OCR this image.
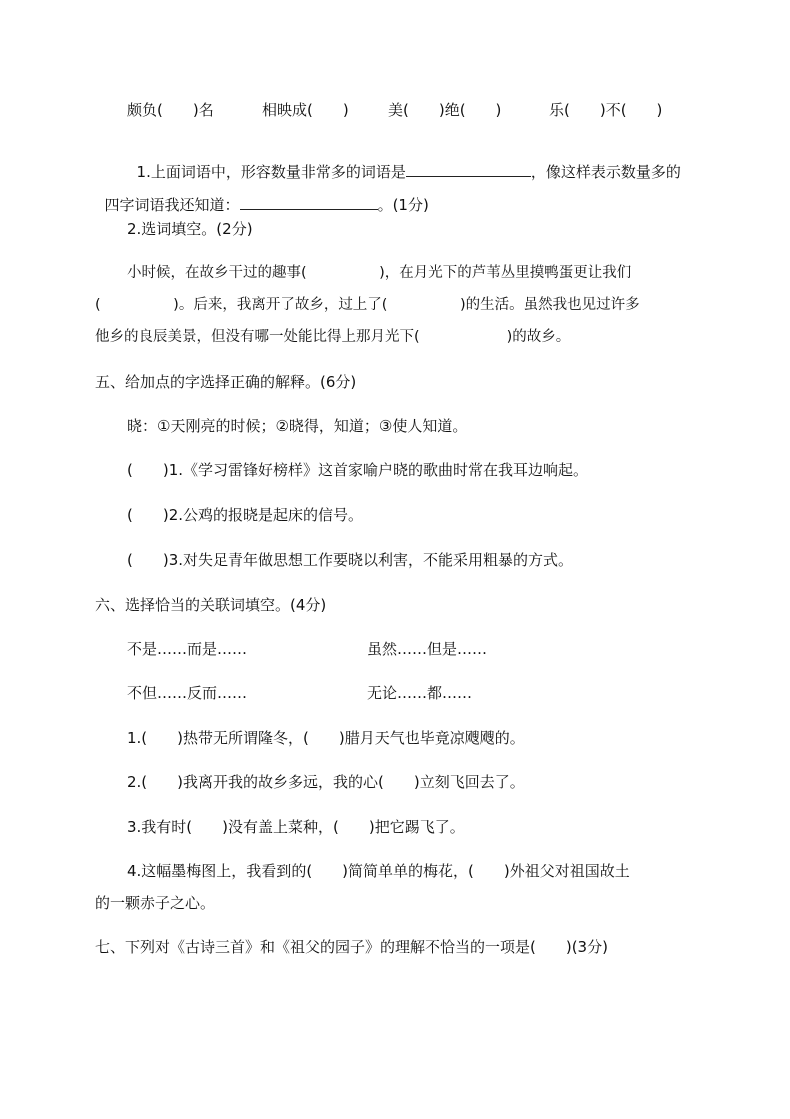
颇负(　　)名	相映成(　　)	美(　　)绝(　　)	乐(　　)不(　　)

1.上面词语中，形容数量非常多的词语是	，像这样表示数量多的

四字词语我还知道：	。(1分)

2.选词填空。(2分)
小时候，在故乡干过的趣事(　　　　　)，在月光下的芦苇丛里摸鸭蛋更让我们
(　　　　　)。后来，我离开了故乡，过上了(　　　　　)的生活。虽然我也见过许多
他乡的良辰美景，但没有哪一处能比得上那月光下(　　　　　　)的故乡。
五、给加点的字选择正确的解释。(6分)
晓：①天刚亮的时候；②晓得，知道；③使人知道。
(　　)1.《学习雷锋好榜样》这首家喻户晓的歌曲时常在我耳边响起。
(　　)2.公鸡的报晓是起床的信号。
(　　)3.对失足青年做思想工作要晓以利害，不能采用粗暴的方式。
六、选择恰当的关联词填空。(4分)
不是……而是……	虽然……但是……
不但……反而……	无论……都……
1.(　　)热带无所谓隆冬，(　　)腊月天气也毕竟凉飕飕的。
2.(　　)我离开我的故乡多远，我的心(　　)立刻飞回去了。
3.我有时(　　)没有盖上菜种，(　　)把它踢飞了。
4.这幅墨梅图上，我看到的(　　)简简单单的梅花，(　　)外祖父对祖国故土
的一颗赤子之心。
七、下列对《古诗三首》和《祖父的园子》的理解不恰当的一项是(　　)(3分)
